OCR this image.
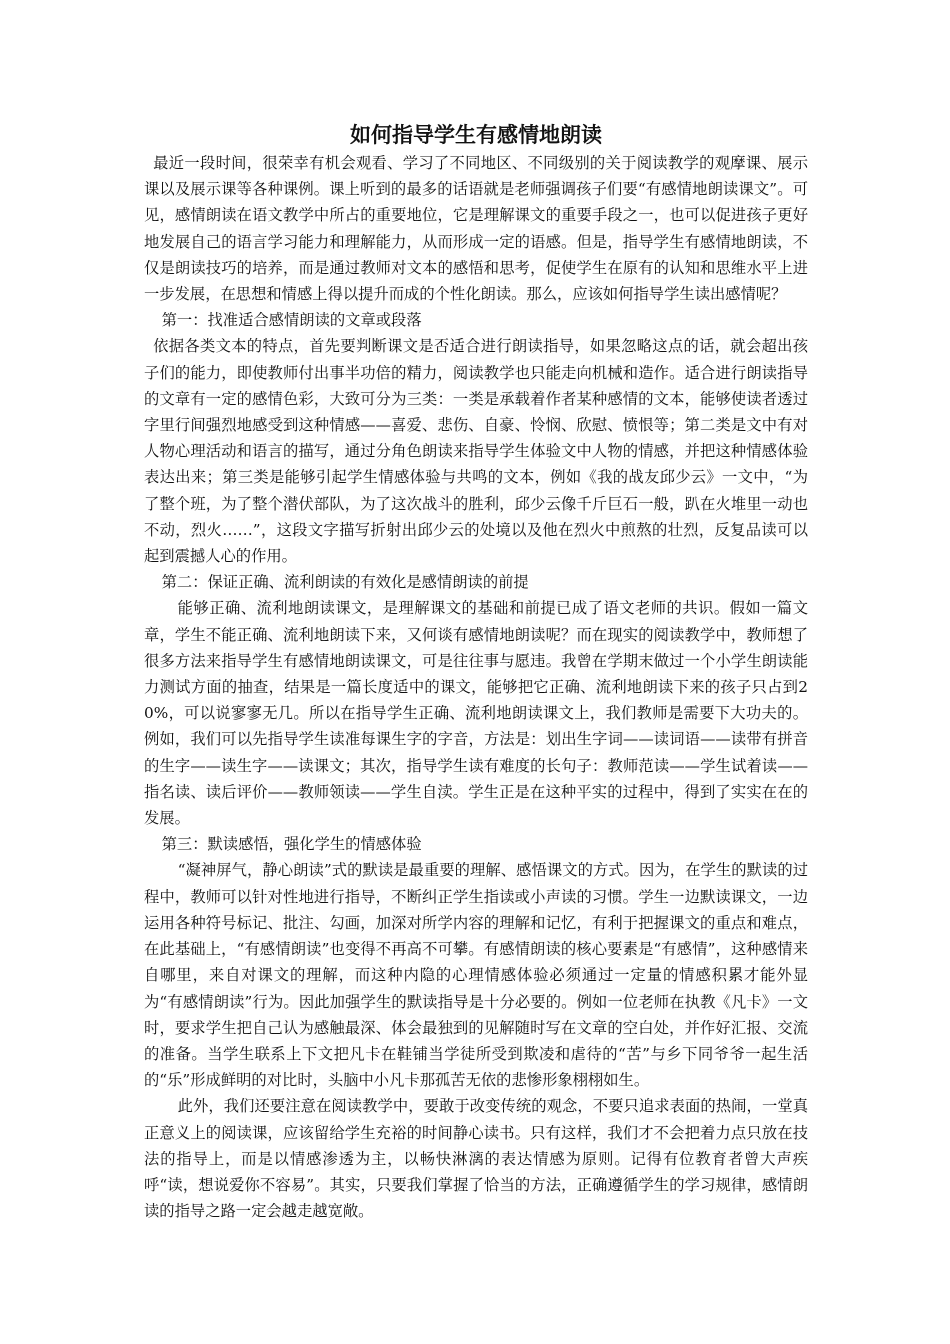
如何指导学生有感情地朗读

最近一段时间，很荣幸有机会观看、学习了不同地区、不同级别的关于阅读教学的观摩课、展示课以及展示课等各种课例。课上听到的最多的话语就是老师强调孩子们要“有感情地朗读课文”。可见，感情朗读在语文教学中所占的重要地位，它是理解课文的重要手段之一，也可以促进孩子更好地发展自己的语言学习能力和理解能力，从而形成一定的语感。但是，指导学生有感情地朗读，不仅是朗读技巧的培养，而是通过教师对文本的感悟和思考，促使学生在原有的认知和思维水平上进一步发展，在思想和情感上得以提升而成的个性化朗读。那么，应该如何指导学生读出感情呢？

第一：找准适合感情朗读的文章或段落

依据各类文本的特点，首先要判断课文是否适合进行朗读指导，如果忽略这点的话，就会超出孩子们的能力，即使教师付出事半功倍的精力，阅读教学也只能走向机械和造作。适合进行朗读指导的文章有一定的感情色彩，大致可分为三类：一类是承载着作者某种感情的文本，能够使读者透过字里行间强烈地感受到这种情感——喜爱、悲伤、自豪、怜悯、欣慰、愤恨等；第二类是文中有对人物心理活动和语言的描写，通过分角色朗读来指导学生体验文中人物的情感，并把这种情感体验表达出来；第三类是能够引起学生情感体验与共鸣的文本，例如《我的战友邱少云》一文中，“为了整个班，为了整个潜伏部队，为了这次战斗的胜利，邱少云像千斤巨石一般，趴在火堆里一动也不动，烈火……”，这段文字描写折射出邱少云的处境以及他在烈火中煎熬的壮烈，反复品读可以起到震撼人心的作用。

第二：保证正确、流利朗读的有效化是感情朗读的前提

能够正确、流利地朗读课文，是理解课文的基础和前提已成了语文老师的共识。假如一篇文章，学生不能正确、流利地朗读下来，又何谈有感情地朗读呢？而在现实的阅读教学中，教师想了很多方法来指导学生有感情地朗读课文，可是往往事与愿违。我曾在学期末做过一个小学生朗读能力测试方面的抽查，结果是一篇长度适中的课文，能够把它正确、流利地朗读下来的孩子只占到20%，可以说寥寥无几。所以在指导学生正确、流利地朗读课文上，我们教师是需要下大功夫的。例如，我们可以先指导学生读准每课生字的字音，方法是：划出生字词——读词语——读带有拼音的生字——读生字——读课文；其次，指导学生读有难度的长句子：教师范读——学生试着读——指名读、读后评价——教师领读——学生自渎。学生正是在这种平实的过程中，得到了实实在在的发展。

第三：默读感悟，强化学生的情感体验

“凝神屏气，静心朗读”式的默读是最重要的理解、感悟课文的方式。因为，在学生的默读的过程中，教师可以针对性地进行指导，不断纠正学生指读或小声读的习惯。学生一边默读课文，一边运用各种符号标记、批注、勾画，加深对所学内容的理解和记忆，有利于把握课文的重点和难点，在此基础上，“有感情朗读”也变得不再高不可攀。有感情朗读的核心要素是“有感情”，这种感情来自哪里，来自对课文的理解，而这种内隐的心理情感体验必须通过一定量的情感积累才能外显为“有感情朗读”行为。因此加强学生的默读指导是十分必要的。例如一位老师在执教《凡卡》一文时，要求学生把自己认为感触最深、体会最独到的见解随时写在文章的空白处，并作好汇报、交流的准备。当学生联系上下文把凡卡在鞋铺当学徒所受到欺凌和虐待的“苦”与乡下同爷爷一起生活的“乐”形成鲜明的对比时，头脑中小凡卡那孤苦无依的悲惨形象栩栩如生。

此外，我们还要注意在阅读教学中，要敢于改变传统的观念，不要只追求表面的热闹，一堂真正意义上的阅读课，应该留给学生充裕的时间静心读书。只有这样，我们才不会把着力点只放在技法的指导上，而是以情感渗透为主，以畅快淋漓的表达情感为原则。记得有位教育者曾大声疾呼“读，想说爱你不容易”。其实，只要我们掌握了恰当的方法，正确遵循学生的学习规律，感情朗读的指导之路一定会越走越宽敞。
